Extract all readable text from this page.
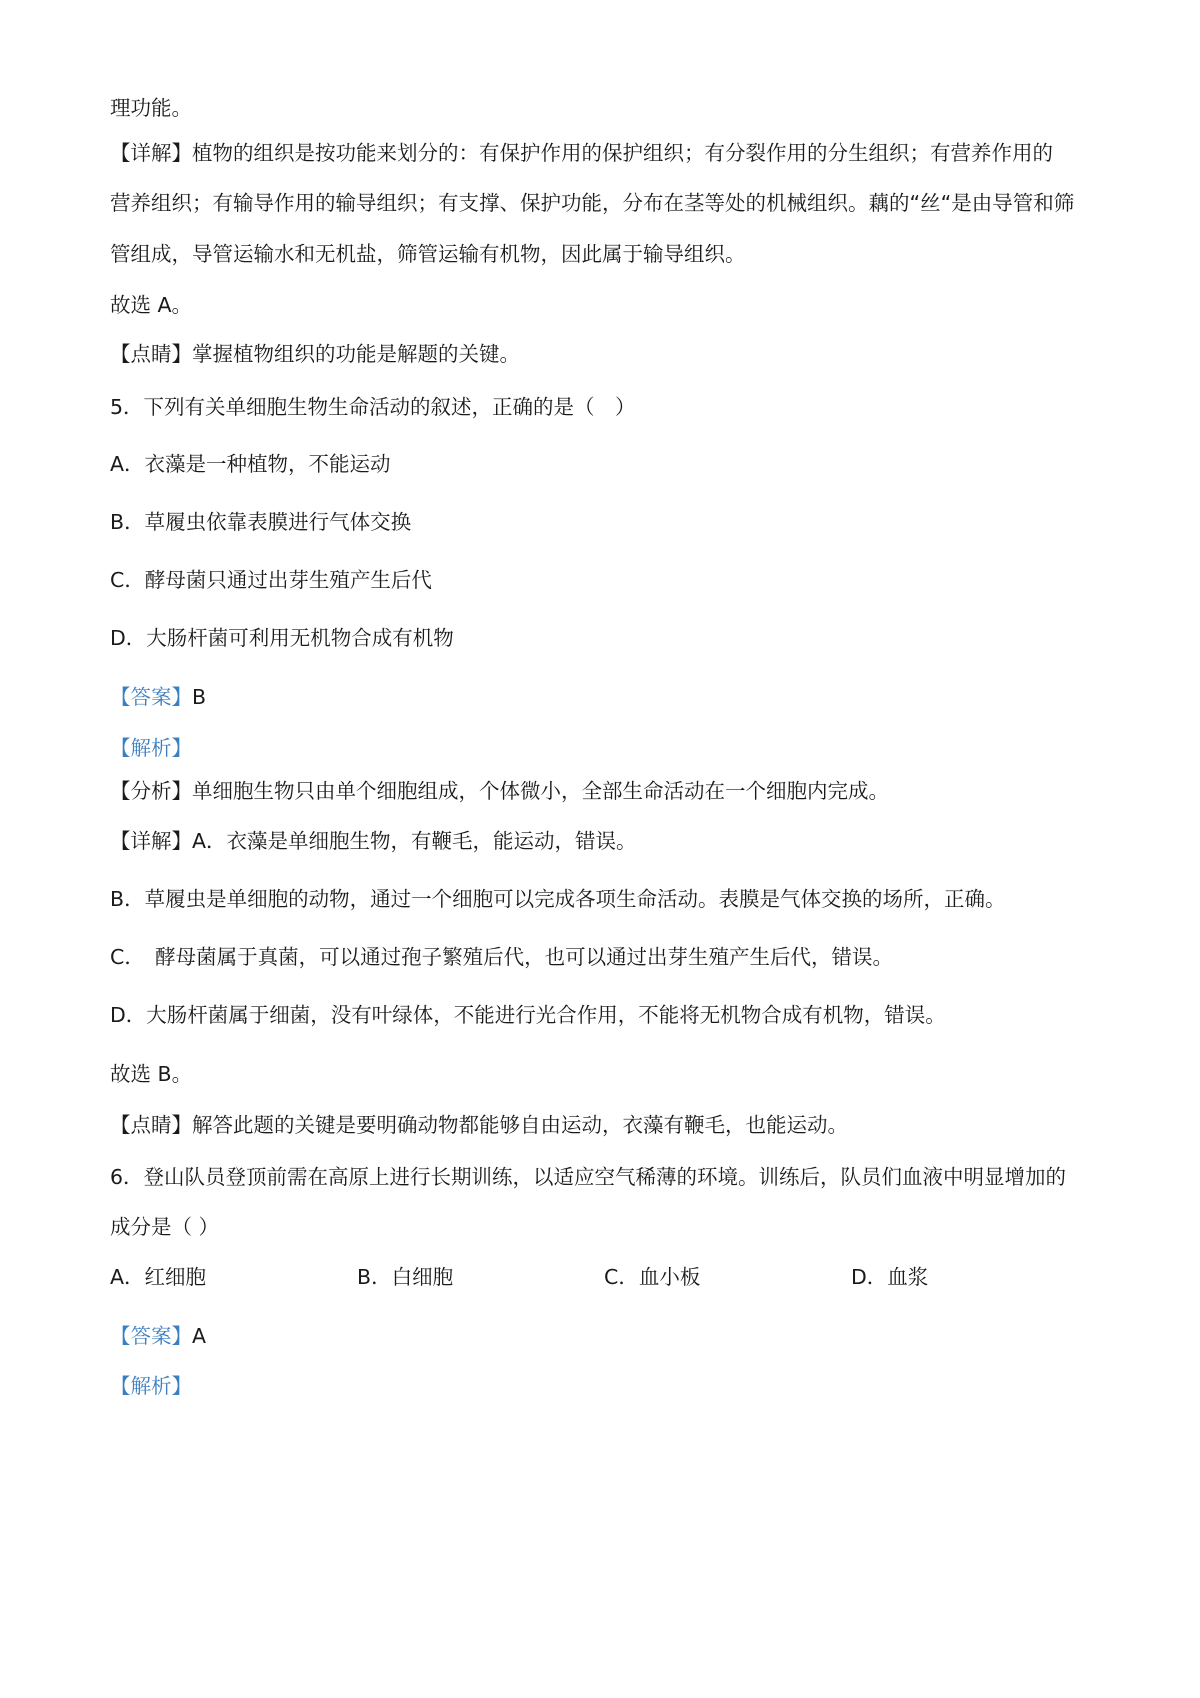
理功能。
【详解】植物的组织是按功能来划分的：有保护作用的保护组织；有分裂作用的分生组织；有营养作用的
营养组织；有输导作用的输导组织；有支撑、保护功能，分布在茎等处的机械组织。藕的“丝“是由导管和筛
管组成，导管运输水和无机盐，筛管运输有机物，因此属于输导组织。
故选 A。
【点睛】掌握植物组织的功能是解题的关键。
5．下列有关单细胞生物生命活动的叙述，正确的是（　）
A．衣藻是一种植物，不能运动
B．草履虫依靠表膜进行气体交换
C．酵母菌只通过出芽生殖产生后代
D．大肠杆菌可利用无机物合成有机物
【答案】B
【解析】
【分析】单细胞生物只由单个细胞组成，个体微小，全部生命活动在一个细胞内完成。
【详解】A．衣藻是单细胞生物，有鞭毛，能运动，错误。
B．草履虫是单细胞的动物，通过一个细胞可以完成各项生命活动。表膜是气体交换的场所，正确。
C．　酵母菌属于真菌，可以通过孢子繁殖后代，也可以通过出芽生殖产生后代，错误。
D．大肠杆菌属于细菌，没有叶绿体，不能进行光合作用，不能将无机物合成有机物，错误。
故选 B。
【点睛】解答此题的关键是要明确动物都能够自由运动，衣藻有鞭毛，也能运动。
6．登山队员登顶前需在高原上进行长期训练，以适应空气稀薄的环境。训练后，队员们血液中明显增加的
成分是（ ）
A．红细胞	B．白细胞	C．血小板	D．血浆
【答案】A
【解析】
